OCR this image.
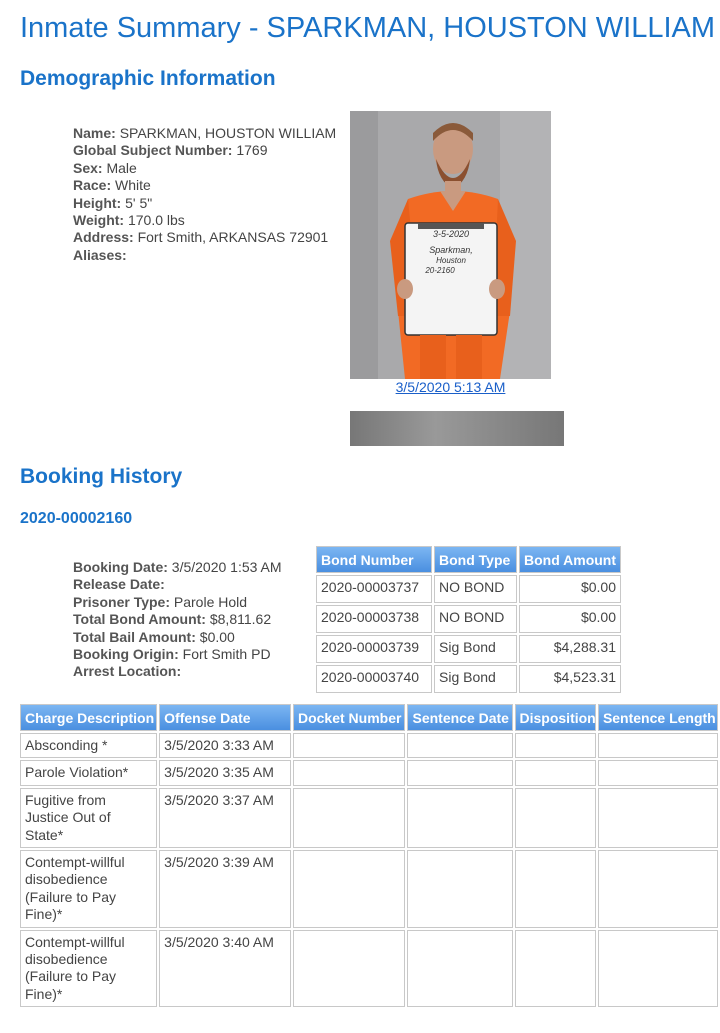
Inmate Summary - SPARKMAN, HOUSTON WILLIAM
Demographic Information
Name: SPARKMAN, HOUSTON WILLIAM
Global Subject Number: 1769
Sex: Male
Race: White
Height: 5' 5"
Weight: 170.0 lbs
Address: Fort Smith, ARKANSAS 72901
Aliases:
3-5-2020
Sparkman,
Houston
20-2160
3/5/2020 5:13 AM
Booking History
2020-00002160
Booking Date: 3/5/2020 1:53 AM
Release Date:
Prisoner Type: Parole Hold
Total Bond Amount: $8,811.62
Total Bail Amount: $0.00
Booking Origin: Fort Smith PD
Arrest Location:
Bond Number	Bond Type	Bond Amount
2020-00003737	NO BOND	$0.00
2020-00003738	NO BOND	$0.00
2020-00003739	Sig Bond	$4,288.31
2020-00003740	Sig Bond	$4,523.31
Charge Description	Offense Date	Docket Number	Sentence Date	Disposition	Sentence Length
Absconding *	3/5/2020 3:33 AM				
Parole Violation*	3/5/2020 3:35 AM				
Fugitive from Justice Out of State*	3/5/2020 3:37 AM				
Contempt-willful disobedience (Failure to Pay Fine)*	3/5/2020 3:39 AM				
Contempt-willful disobedience (Failure to Pay Fine)*	3/5/2020 3:40 AM				
